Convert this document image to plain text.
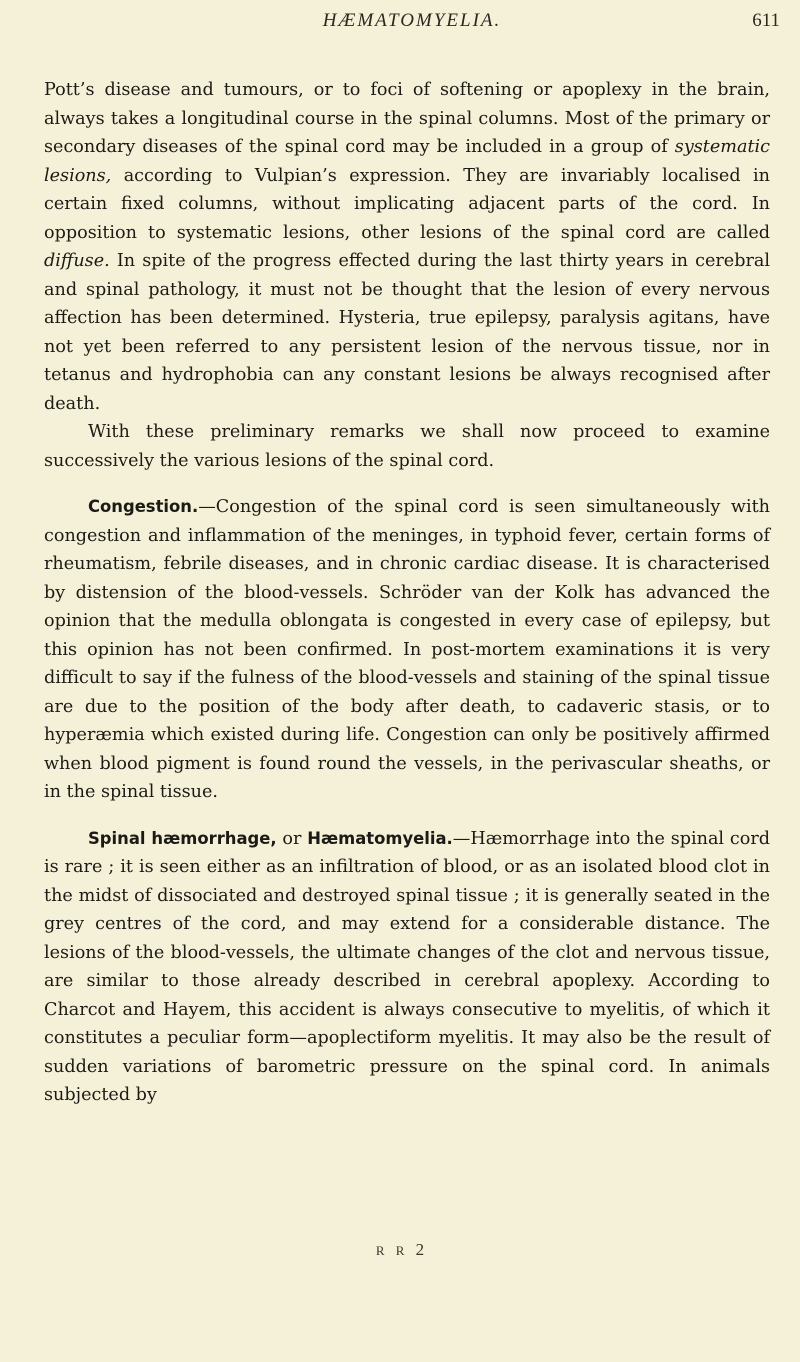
HÆMATOMYELIA.	611

Pott’s disease and tumours, or to foci of softening or apoplexy in the brain, always takes a longitudinal course in the spinal columns. Most of the primary or secondary diseases of the spinal cord may be included in a group of systematic lesions, according to Vulpian’s expression. They are invariably localised in certain fixed columns, without implicating adjacent parts of the cord. In opposition to systematic lesions, other lesions of the spinal cord are called diffuse. In spite of the progress effected during the last thirty years in cerebral and spinal pathology, it must not be thought that the lesion of every nervous affection has been determined. Hysteria, true epilepsy, paralysis agitans, have not yet been referred to any persistent lesion of the nervous tissue, nor in tetanus and hydrophobia can any constant lesions be always recognised after death.

With these preliminary remarks we shall now proceed to examine successively the various lesions of the spinal cord.

Congestion.—Congestion of the spinal cord is seen simultaneously with congestion and inflammation of the meninges, in typhoid fever, certain forms of rheumatism, febrile diseases, and in chronic cardiac disease. It is characterised by distension of the blood-vessels. Schröder van der Kolk has advanced the opinion that the medulla oblongata is congested in every case of epilepsy, but this opinion has not been confirmed. In post-mortem examinations it is very difficult to say if the fulness of the blood-vessels and staining of the spinal tissue are due to the position of the body after death, to cadaveric stasis, or to hyperæmia which existed during life. Congestion can only be positively affirmed when blood pigment is found round the vessels, in the perivascular sheaths, or in the spinal tissue.

Spinal hæmorrhage, or Hæmatomyelia.—Hæmorrhage into the spinal cord is rare ; it is seen either as an infiltration of blood, or as an isolated blood clot in the midst of dissociated and destroyed spinal tissue ; it is generally seated in the grey centres of the cord, and may extend for a considerable distance. The lesions of the blood-vessels, the ultimate changes of the clot and nervous tissue, are similar to those already described in cerebral apoplexy. According to Charcot and Hayem, this accident is always consecutive to myelitis, of which it constitutes a peculiar form—apoplectiform myelitis. It may also be the result of sudden variations of barometric pressure on the spinal cord. In animals subjected by

R R 2
